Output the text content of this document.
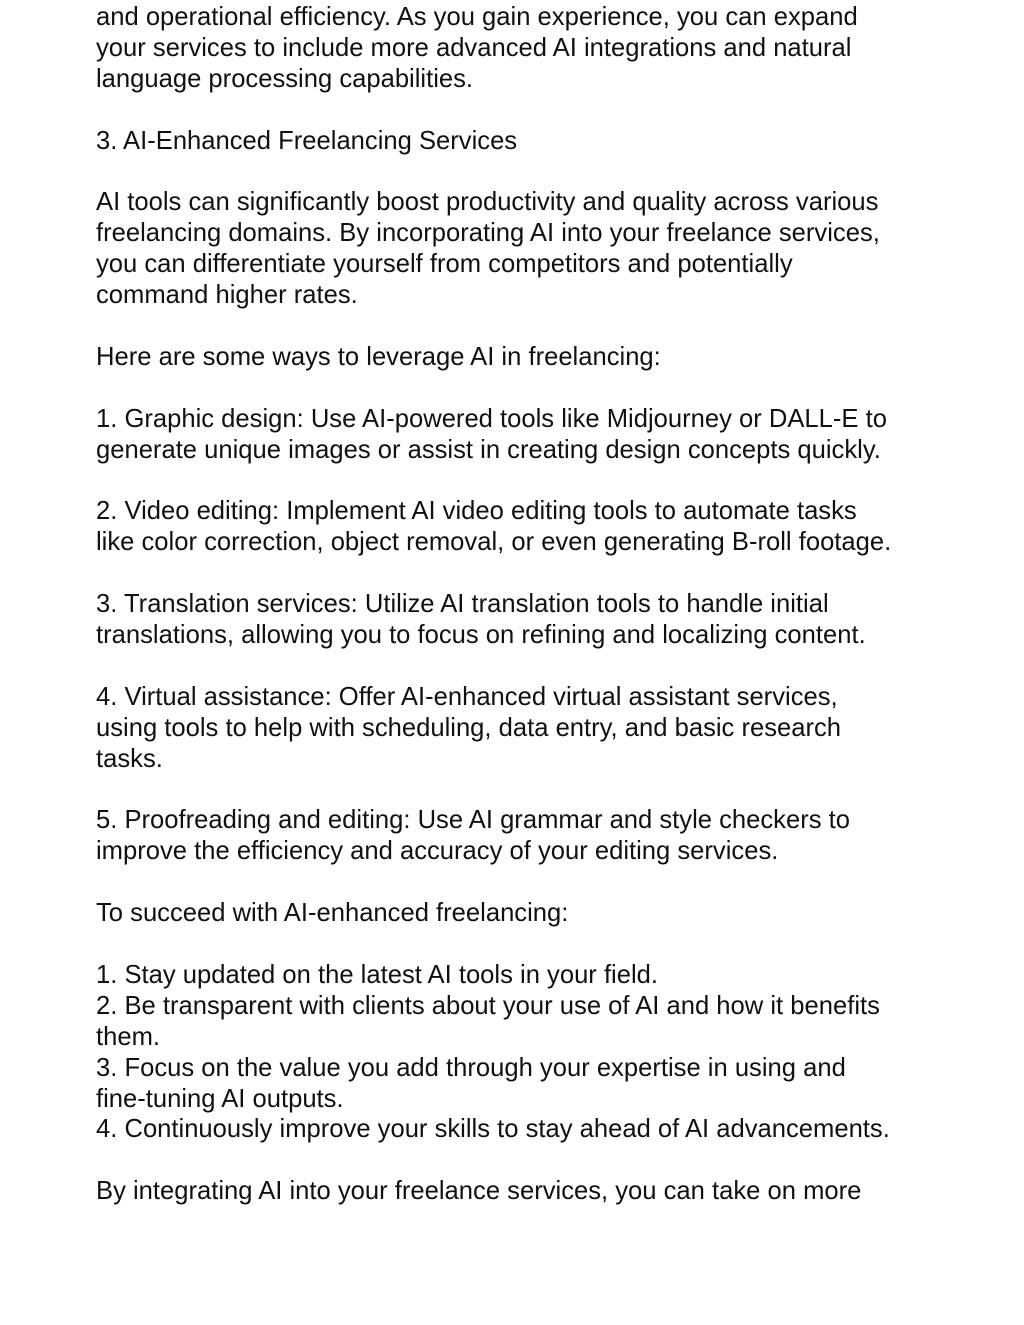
and operational efficiency. As you gain experience, you can expand
your services to include more advanced AI integrations and natural
language processing capabilities.

3. AI-Enhanced Freelancing Services

AI tools can significantly boost productivity and quality across various
freelancing domains. By incorporating AI into your freelance services,
you can differentiate yourself from competitors and potentially
command higher rates.

Here are some ways to leverage AI in freelancing:

1. Graphic design: Use AI-powered tools like Midjourney or DALL-E to
generate unique images or assist in creating design concepts quickly.

2. Video editing: Implement AI video editing tools to automate tasks
like color correction, object removal, or even generating B-roll footage.

3. Translation services: Utilize AI translation tools to handle initial
translations, allowing you to focus on refining and localizing content.

4. Virtual assistance: Offer AI-enhanced virtual assistant services,
using tools to help with scheduling, data entry, and basic research
tasks.

5. Proofreading and editing: Use AI grammar and style checkers to
improve the efficiency and accuracy of your editing services.

To succeed with AI-enhanced freelancing:

1. Stay updated on the latest AI tools in your field.

2. Be transparent with clients about your use of AI and how it benefits
them.

3. Focus on the value you add through your expertise in using and
fine-tuning AI outputs.

4. Continuously improve your skills to stay ahead of AI advancements.

By integrating AI into your freelance services, you can take on more
